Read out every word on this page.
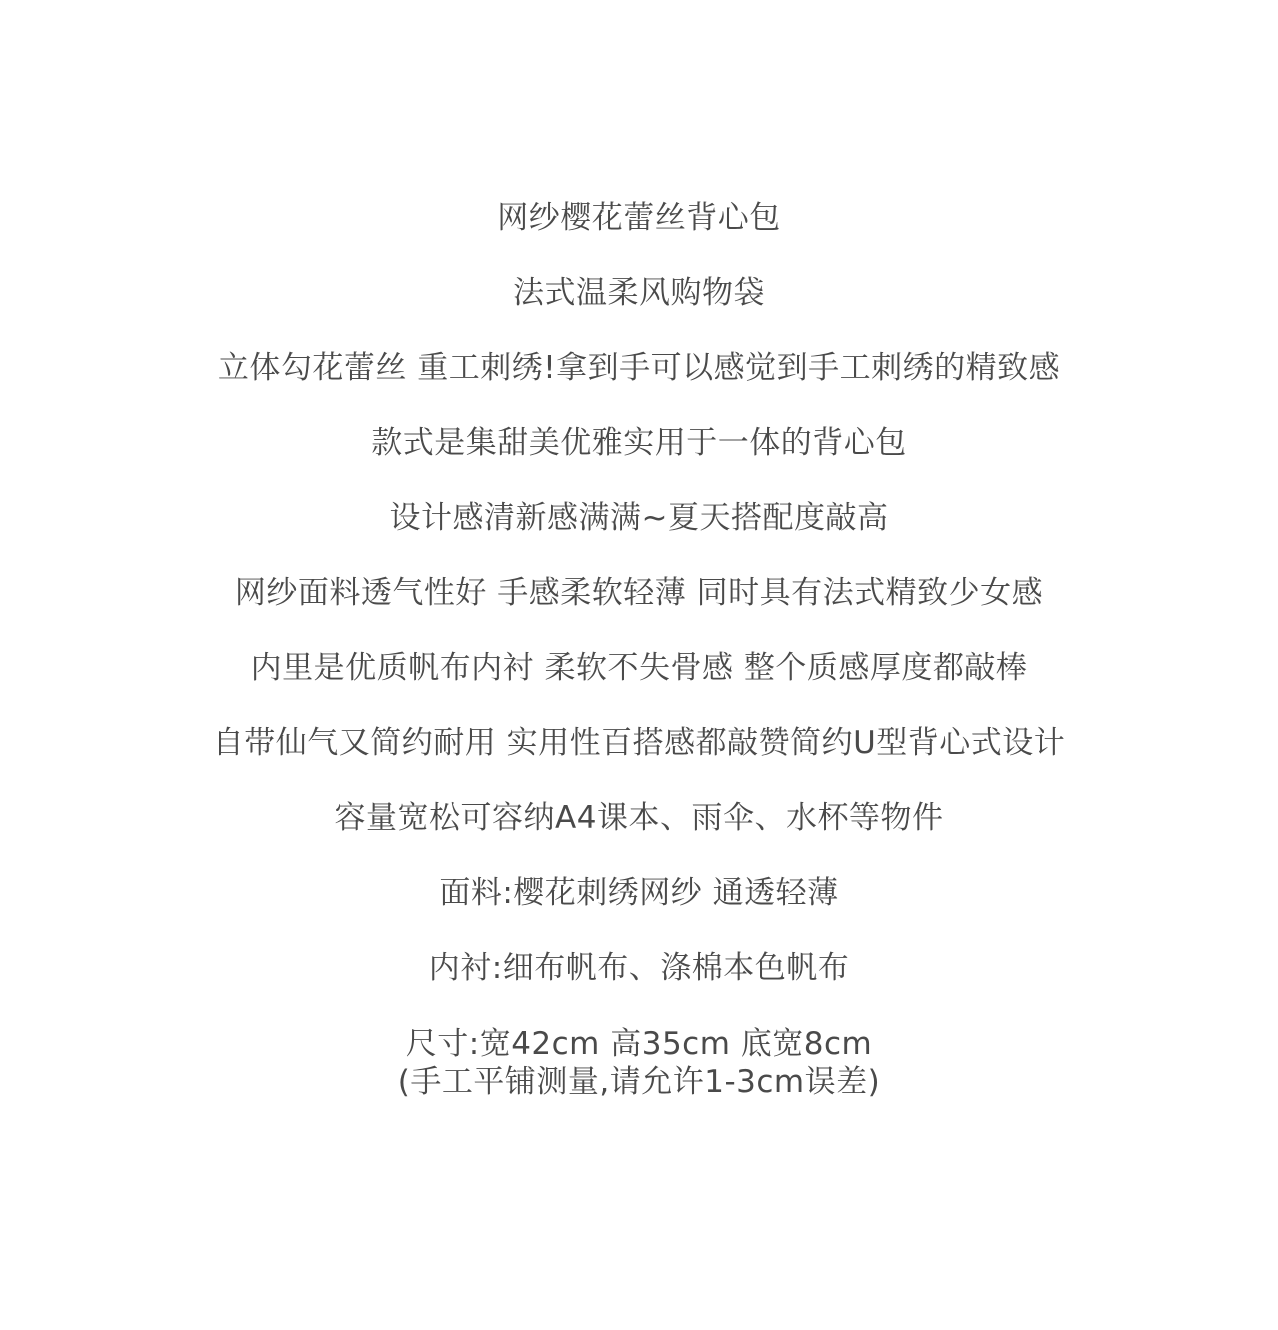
网纱樱花蕾丝背心包
法式温柔风购物袋
立体勾花蕾丝 重工刺绣!拿到手可以感觉到手工刺绣的精致感
款式是集甜美优雅实用于一体的背心包
设计感清新感满满~夏天搭配度敲高
网纱面料透气性好 手感柔软轻薄 同时具有法式精致少女感
内里是优质帆布内衬 柔软不失骨感 整个质感厚度都敲棒
自带仙气又简约耐用 实用性百搭感都敲赞简约U型背心式设计
容量宽松可容纳A4课本、雨伞、水杯等物件
面料:樱花刺绣网纱 通透轻薄
内衬:细布帆布、涤棉本色帆布
尺寸:宽42cm 高35cm 底宽8cm
(手工平铺测量,请允许1-3cm误差)
